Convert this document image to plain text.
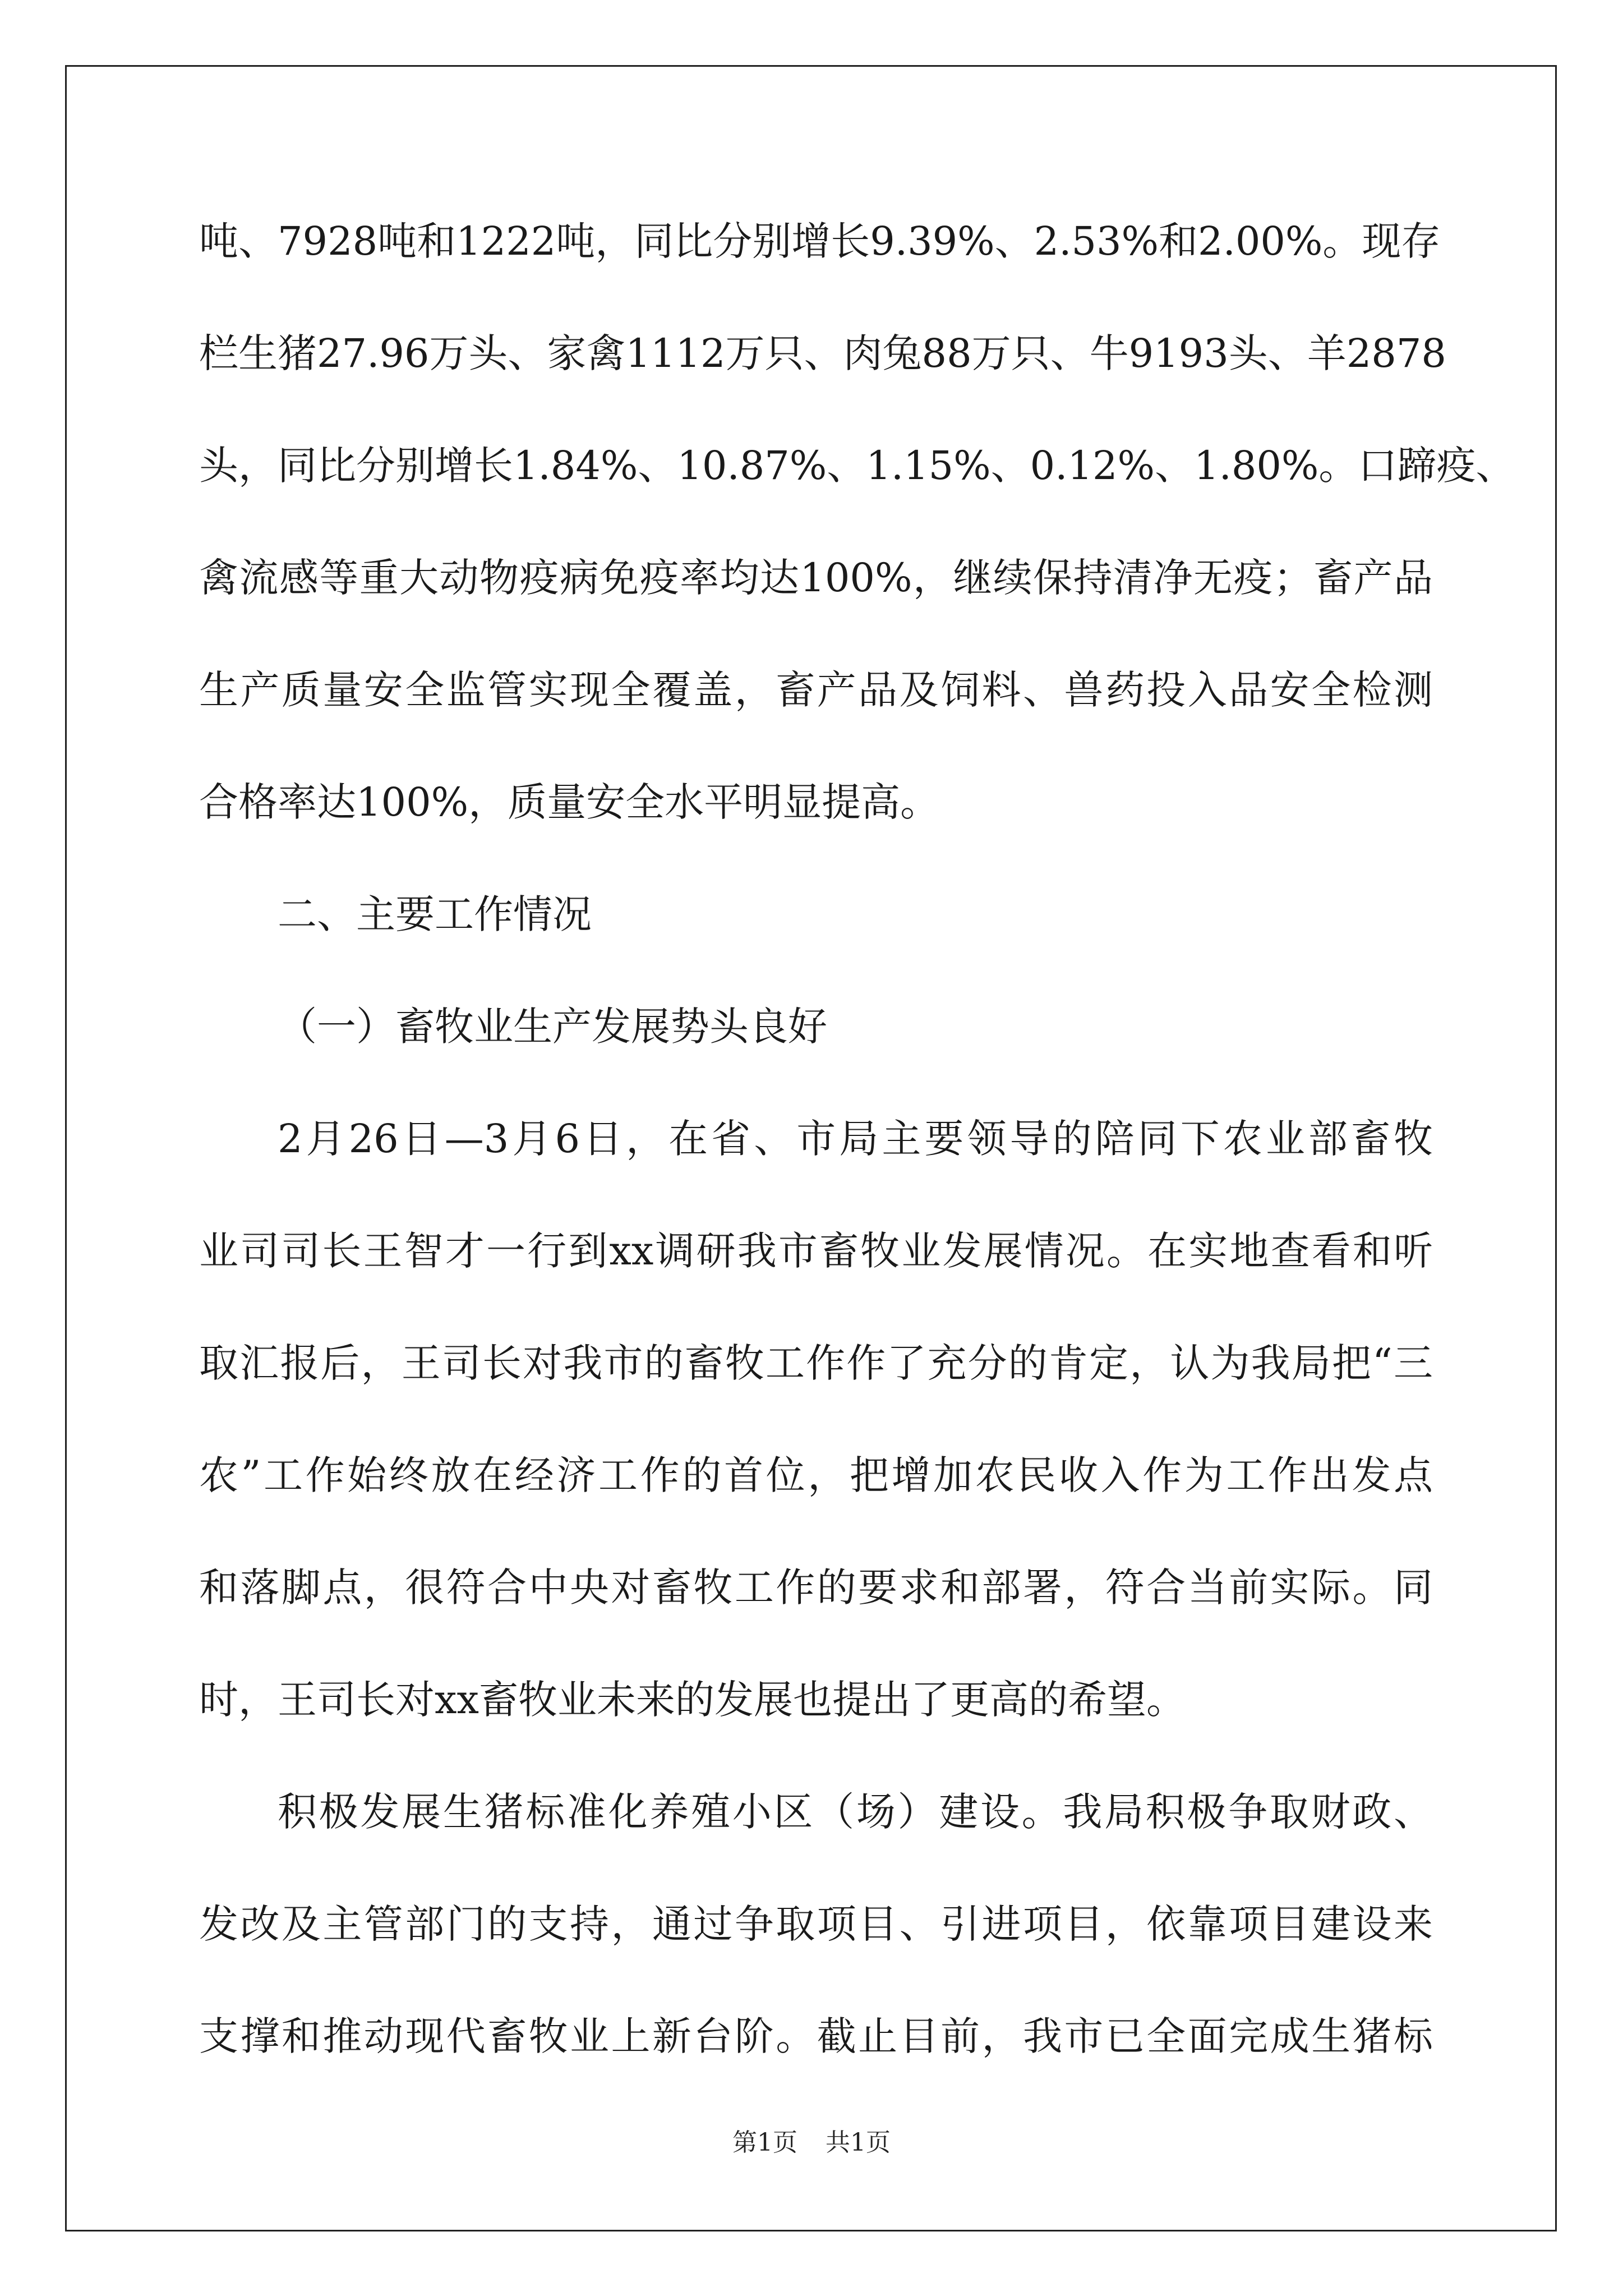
吨、7928吨和1222吨，同比分别增长9.39%、2.53%和2.00%。现存
栏生猪27.96万头、家禽1112万只、肉兔88万只、牛9193头、羊2878
头，同比分别增长1.84%、10.87%、1.15%、0.12%、1.80%。口蹄疫、
禽流感等重大动物疫病免疫率均达100%，继续保持清净无疫；畜产品
生产质量安全监管实现全覆盖，畜产品及饲料、兽药投入品安全检测
合格率达100%，质量安全水平明显提高。
二、主要工作情况
（一）畜牧业生产发展势头良好
2月26日—3月6日，在省、市局主要领导的陪同下农业部畜牧
业司司长王智才一行到xx调研我市畜牧业发展情况。在实地查看和听
取汇报后，王司长对我市的畜牧工作作了充分的肯定，认为我局把“三
农”工作始终放在经济工作的首位，把增加农民收入作为工作出发点
和落脚点，很符合中央对畜牧工作的要求和部署，符合当前实际。同
时，王司长对xx畜牧业未来的发展也提出了更高的希望。
积极发展生猪标准化养殖小区（场）建设。我局积极争取财政、
发改及主管部门的支持，通过争取项目、引进项目，依靠项目建设来
支撑和推动现代畜牧业上新台阶。截止目前，我市已全面完成生猪标
第1页 共1页
